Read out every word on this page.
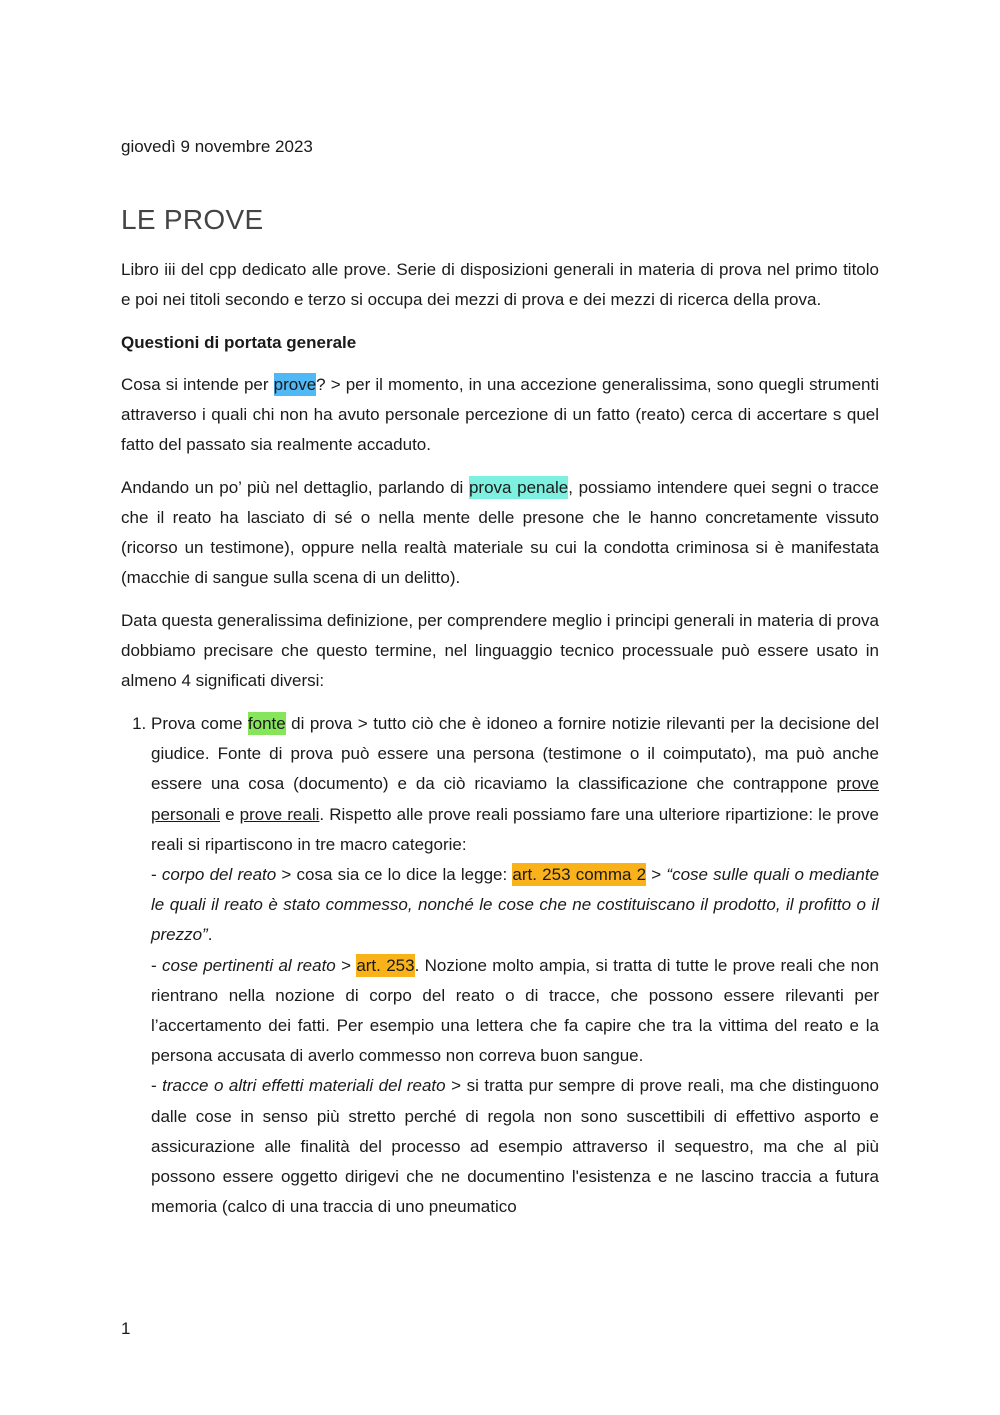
giovedì 9 novembre 2023
LE PROVE

Libro iii del cpp dedicato alle prove. Serie di disposizioni generali in materia di prova nel primo titolo e poi nei titoli secondo e terzo si occupa dei mezzi di prova e dei mezzi di ricerca della prova.

Questioni di portata generale

Cosa si intende per prove? > per il momento, in una accezione generalissima, sono quegli strumenti attraverso i quali chi non ha avuto personale percezione di un fatto (reato) cerca di accertare s quel fatto del passato sia realmente accaduto.

Andando un po’ più nel dettaglio, parlando di prova penale, possiamo intendere quei segni o tracce che il reato ha lasciato di sé o nella mente delle presone che le hanno concretamente vissuto (ricorso un testimone), oppure nella realtà materiale su cui la condotta criminosa si è manifestata (macchie di sangue sulla scena di un delitto).

Data questa generalissima definizione, per comprendere meglio i principi generali in materia di prova dobbiamo precisare che questo termine, nel linguaggio tecnico processuale può essere usato in almeno 4 significati diversi:

1. Prova come fonte di prova > tutto ciò che è idoneo a fornire notizie rilevanti per la decisione del giudice. Fonte di prova può essere una persona (testimone o il coimputato), ma può anche essere una cosa (documento) e da ciò ricaviamo la classificazione che contrappone prove personali e prove reali. Rispetto alle prove reali possiamo fare una ulteriore ripartizione: le prove reali si ripartiscono in tre macro categorie:
- corpo del reato > cosa sia ce lo dice la legge: art. 253 comma 2 > “cose sulle quali o mediante le quali il reato è stato commesso, nonché le cose che ne costituiscano il prodotto, il profitto o il prezzo”.
- cose pertinenti al reato > art. 253. Nozione molto ampia, si tratta di tutte le prove reali che non rientrano nella nozione di corpo del reato o di tracce, che possono essere rilevanti per l’accertamento dei fatti. Per esempio una lettera che fa capire che tra la vittima del reato e la persona accusata di averlo commesso non correva buon sangue.
- tracce o altri effetti materiali del reato > si tratta pur sempre di prove reali, ma che distinguono dalle cose in senso più stretto perché di regola non sono suscettibili di effettivo asporto e assicurazione alle finalità del processo ad esempio attraverso il sequestro, ma che al più possono essere oggetto dirigevi che ne documentino l'esistenza e ne lascino traccia a futura memoria (calco di una traccia di uno pneumatico
1
